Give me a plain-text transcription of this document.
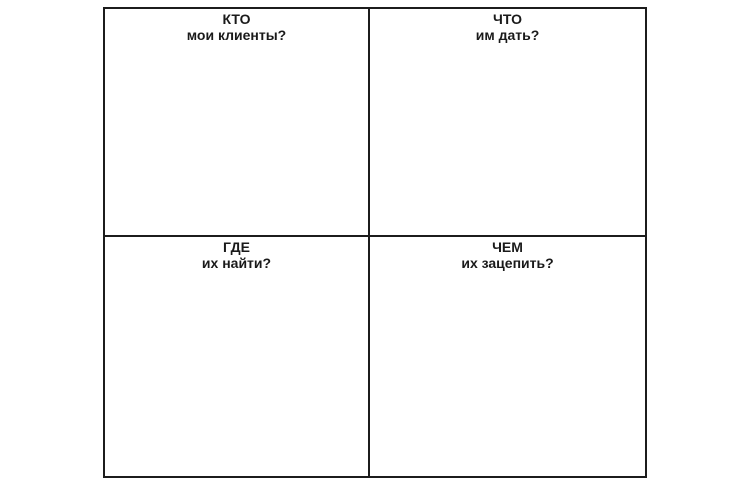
КТО
мои клиенты?
ЧТО
им дать?
ГДЕ
их найти?
ЧЕМ
их зацепить?
